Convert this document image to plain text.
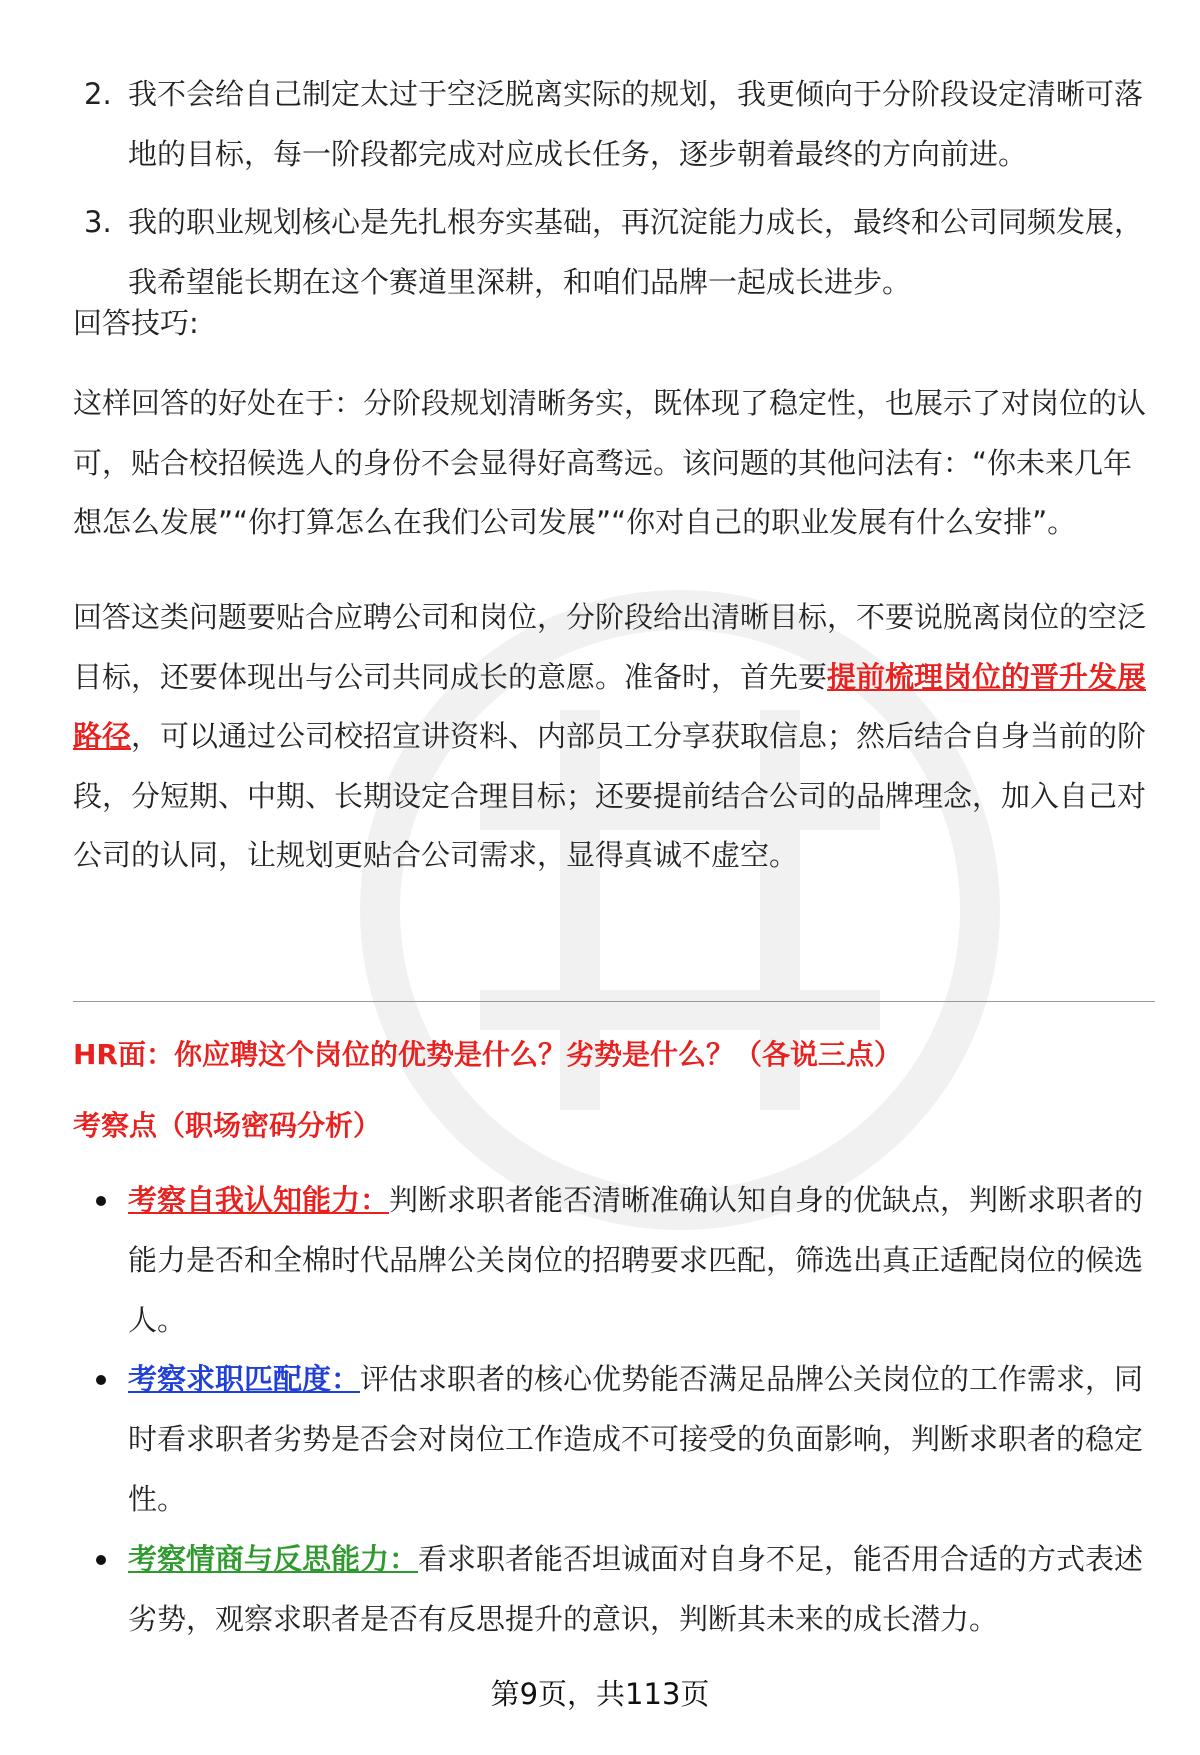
2. 我不会给自己制定太过于空泛脱离实际的规划，我更倾向于分阶段设定清晰可落地的目标，每一阶段都完成对应成长任务，逐步朝着最终的方向前进。
3. 我的职业规划核心是先扎根夯实基础，再沉淀能力成长，最终和公司同频发展，我希望能长期在这个赛道里深耕，和咱们品牌一起成长进步。

回答技巧:

这样回答的好处在于：分阶段规划清晰务实，既体现了稳定性，也展示了对岗位的认可，贴合校招候选人的身份不会显得好高骛远。该问题的其他问法有：“你未来几年想怎么发展”“你打算怎么在我们公司发展”“你对自己的职业发展有什么安排”。

回答这类问题要贴合应聘公司和岗位，分阶段给出清晰目标，不要说脱离岗位的空泛目标，还要体现出与公司共同成长的意愿。准备时，首先要提前梳理岗位的晋升发展路径，可以通过公司校招宣讲资料、内部员工分享获取信息；然后结合自身当前的阶段，分短期、中期、长期设定合理目标；还要提前结合公司的品牌理念，加入自己对公司的认同，让规划更贴合公司需求，显得真诚不虚空。

HR面：你应聘这个岗位的优势是什么？劣势是什么？（各说三点）
考察点（职场密码分析）
考察自我认知能力：判断求职者能否清晰准确认知自身的优缺点，判断求职者的能力是否和全棉时代品牌公关岗位的招聘要求匹配，筛选出真正适配岗位的候选人。
考察求职匹配度：评估求职者的核心优势能否满足品牌公关岗位的工作需求，同时看求职者劣势是否会对岗位工作造成不可接受的负面影响，判断求职者的稳定性。
考察情商与反思能力：看求职者能否坦诚面对自身不足，能否用合适的方式表述劣势，观察求职者是否有反思提升的意识，判断其未来的成长潜力。

第9页，共113页
